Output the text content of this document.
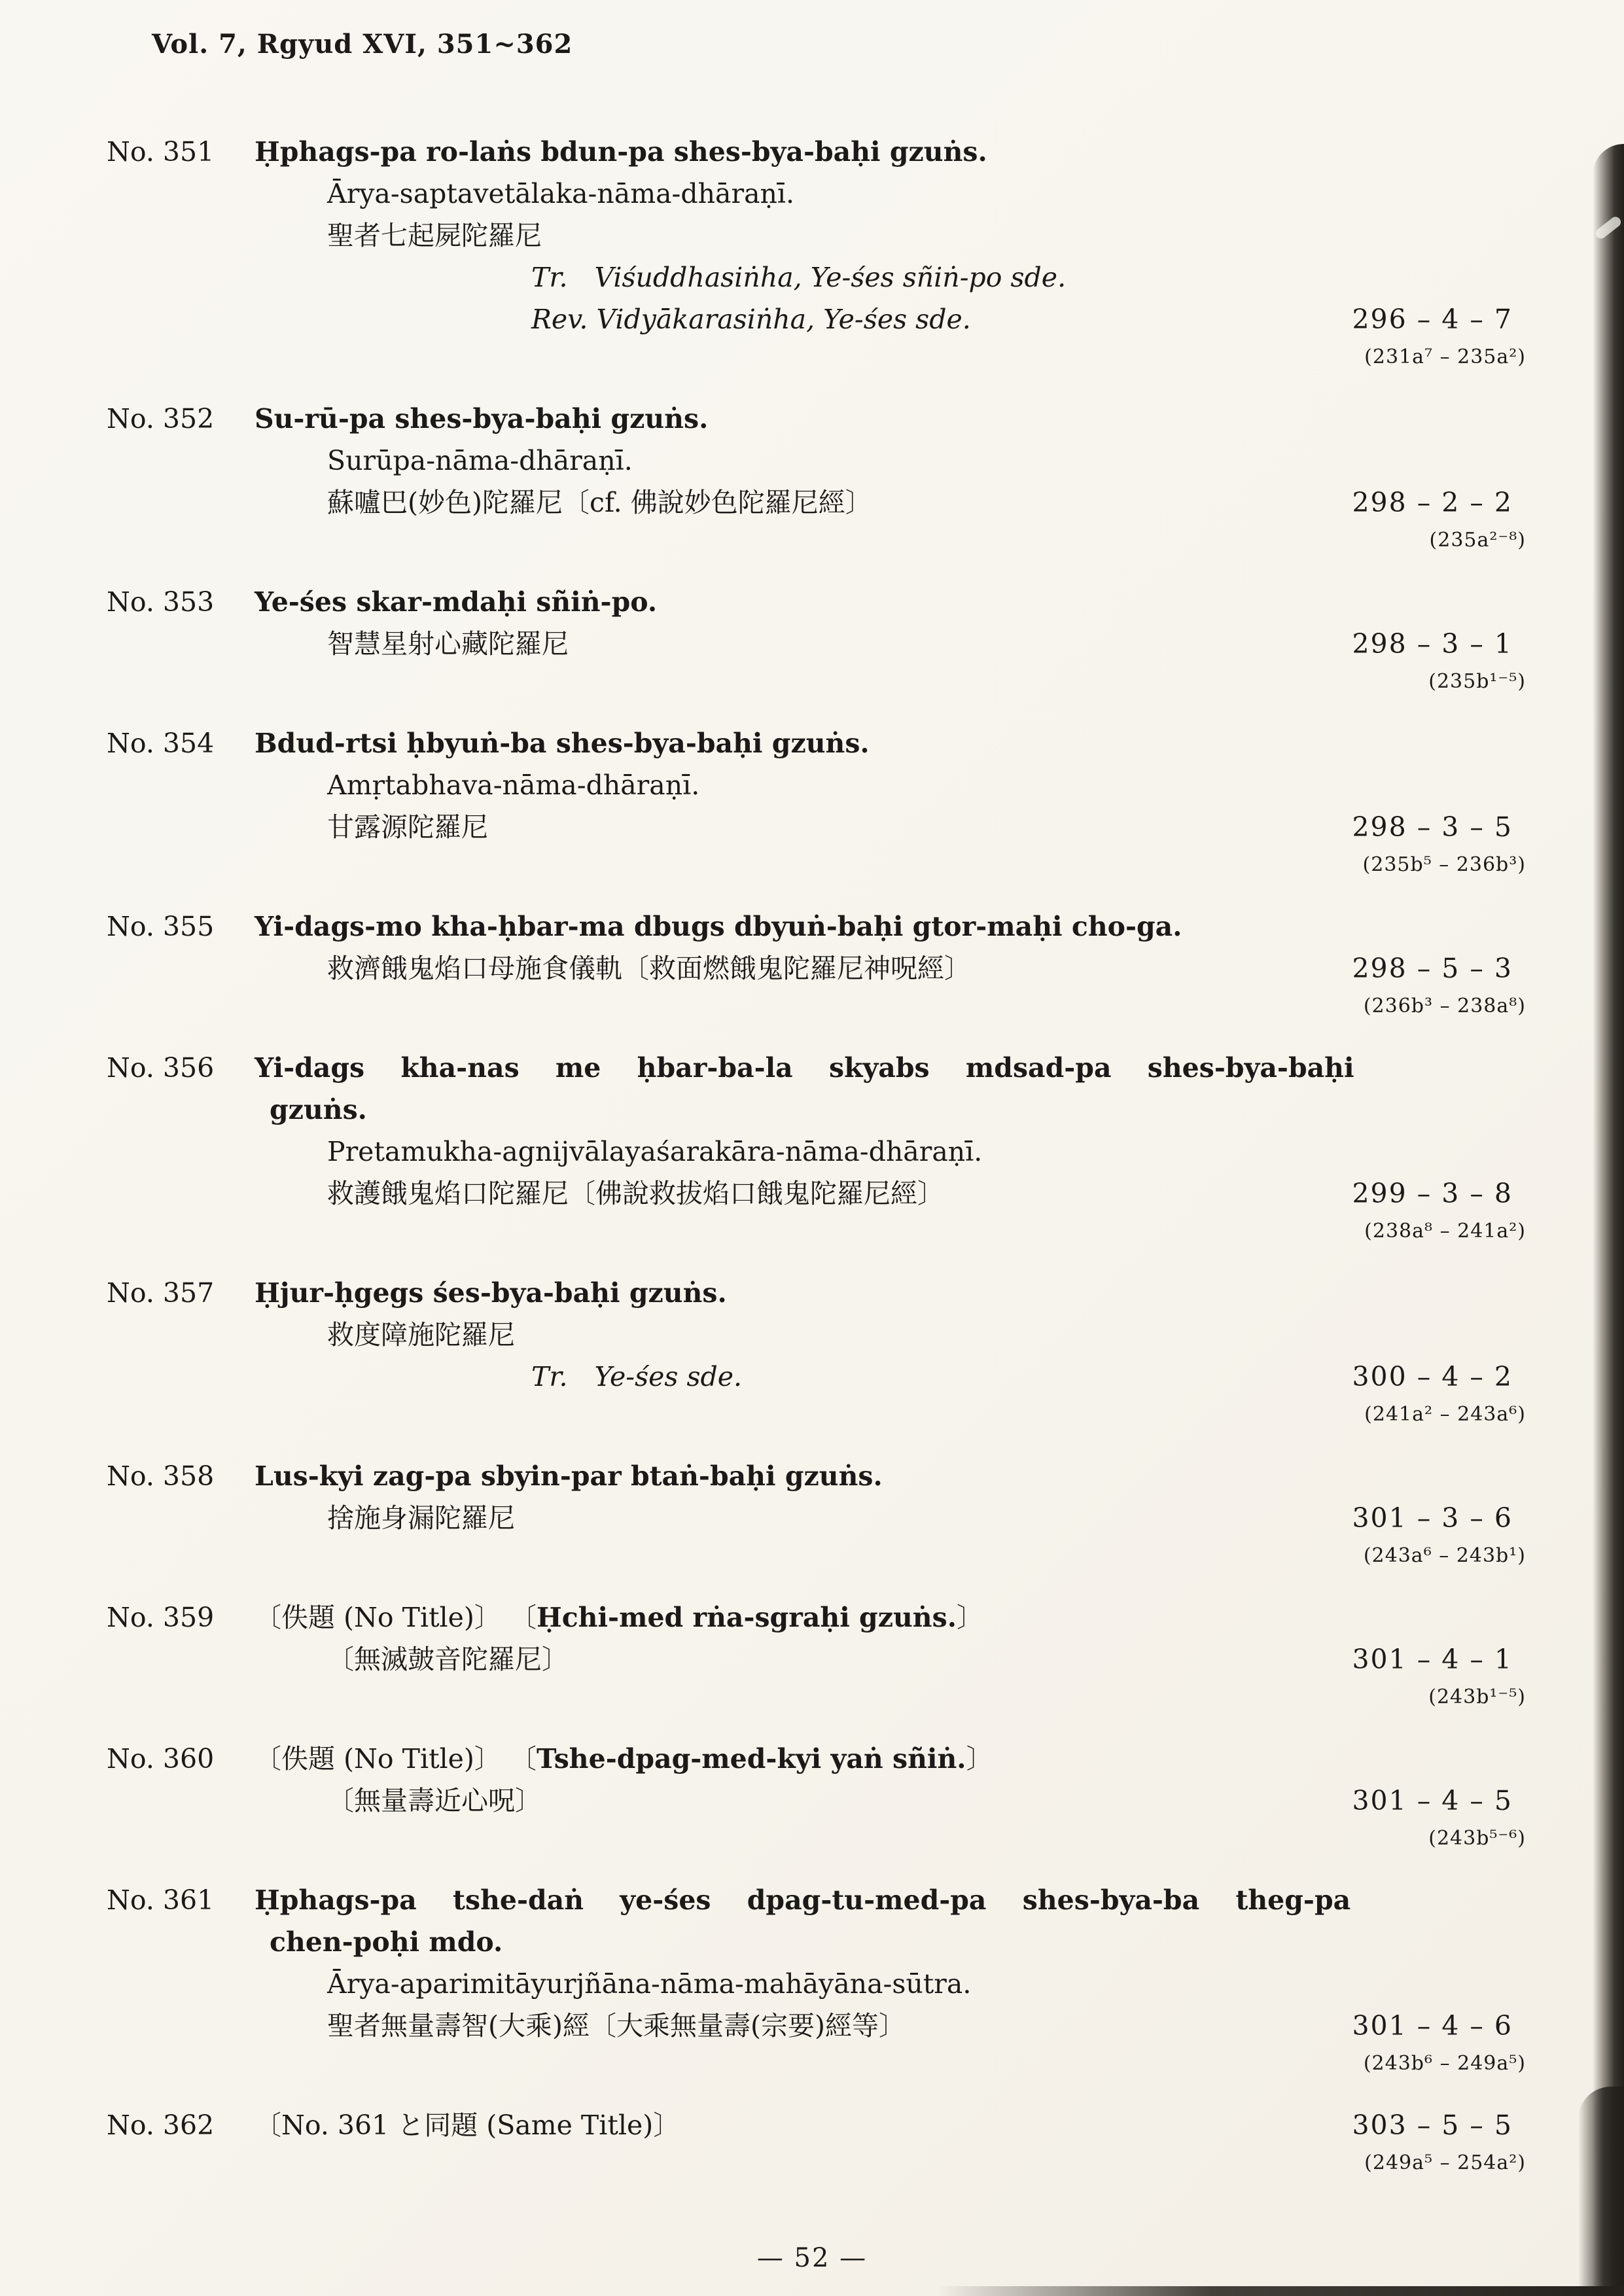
Vol. 7, Rgyud XVI, 351~362
No. 351	Ḥphags-pa ro-laṅs bdun-pa shes-bya-baḥi gzuṅs.
Ārya-saptavetālaka-nāma-dhāraṇī.
聖者七起屍陀羅尼
Tr. Viśuddhasiṅha, Ye-śes sñiṅ-po sde.
Rev. Vidyākarasiṅha, Ye-śes sde.	296 – 4 – 7
(231a⁷ – 235a²)
No. 352	Su-rū-pa shes-bya-baḥi gzuṅs.
Surūpa-nāma-dhāraṇī.
蘇嚧巴(妙色)陀羅尼〔cf. 佛說妙色陀羅尼經〕	298 – 2 – 2
(235a²⁻⁸)
No. 353	Ye-śes skar-mdaḥi sñiṅ-po.
智慧星射心藏陀羅尼	298 – 3 – 1
(235b¹⁻⁵)
No. 354	Bdud-rtsi ḥbyuṅ-ba shes-bya-baḥi gzuṅs.
Amṛtabhava-nāma-dhāraṇī.
甘露源陀羅尼	298 – 3 – 5
(235b⁵ – 236b³)
No. 355	Yi-dags-mo kha-ḥbar-ma dbugs dbyuṅ-baḥi gtor-maḥi cho-ga.
救濟餓鬼焰口母施食儀軌〔救面燃餓鬼陀羅尼神呪經〕	298 – 5 – 3
(236b³ – 238a⁸)
No. 356	Yi-dags kha-nas me ḥbar-ba-la skyabs mdsad-pa shes-bya-baḥi
gzuṅs.
Pretamukha-agnijvālayaśarakāra-nāma-dhāraṇī.
救護餓鬼焰口陀羅尼〔佛說救拔焰口餓鬼陀羅尼經〕	299 – 3 – 8
(238a⁸ – 241a²)
No. 357	Ḥjur-ḥgegs śes-bya-baḥi gzuṅs.
救度障施陀羅尼
Tr. Ye-śes sde.	300 – 4 – 2
(241a² – 243a⁶)
No. 358	Lus-kyi zag-pa sbyin-par btaṅ-baḥi gzuṅs.
捨施身漏陀羅尼	301 – 3 – 6
(243a⁶ – 243b¹)
No. 359	〔佚題 (No Title)〕 〔Ḥchi-med rṅa-sgraḥi gzuṅs.〕
〔無滅皷音陀羅尼〕	301 – 4 – 1
(243b¹⁻⁵)
No. 360	〔佚題 (No Title)〕 〔Tshe-dpag-med-kyi yaṅ sñiṅ.〕
〔無量壽近心呪〕	301 – 4 – 5
(243b⁵⁻⁶)
No. 361	Ḥphags-pa tshe-daṅ ye-śes dpag-tu-med-pa shes-bya-ba theg-pa
chen-poḥi mdo.
Ārya-aparimitāyurjñāna-nāma-mahāyāna-sūtra.
聖者無量壽智(大乘)經〔大乘無量壽(宗要)經等〕	301 – 4 – 6
(243b⁶ – 249a⁵)
No. 362	〔No. 361 と同題 (Same Title)〕	303 – 5 – 5
(249a⁵ – 254a²)
— 52 —
